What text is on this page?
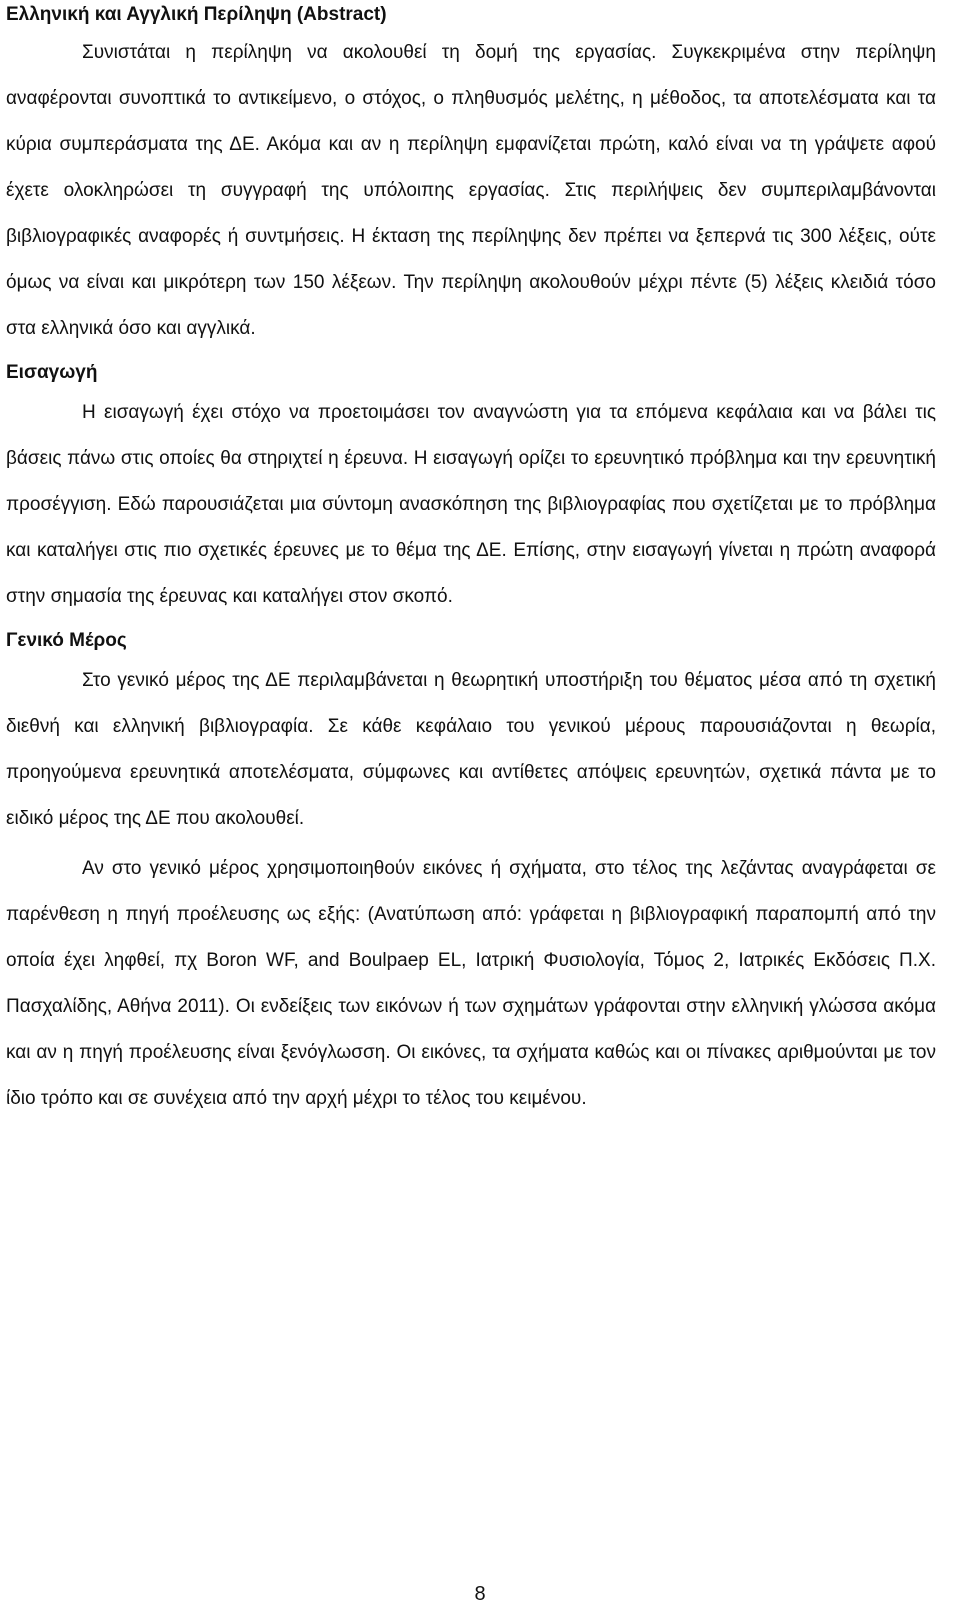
Ελληνική και Αγγλική Περίληψη (Abstract)

Συνιστάται η περίληψη να ακολουθεί τη δομή της εργασίας. Συγκεκριμένα στην περίληψη αναφέρονται συνοπτικά το αντικείμενο, ο στόχος, ο πληθυσμός μελέτης, η μέθοδος, τα αποτελέσματα και τα κύρια συμπεράσματα της ΔΕ. Ακόμα και αν η περίληψη εμφανίζεται πρώτη, καλό είναι να τη γράψετε αφού έχετε ολοκληρώσει τη συγγραφή της υπόλοιπης εργασίας. Στις περιλήψεις δεν συμπεριλαμβάνονται βιβλιογραφικές αναφορές ή συντμήσεις. Η έκταση της περίληψης δεν πρέπει να ξεπερνά τις 300 λέξεις, ούτε όμως να είναι και μικρότερη των 150 λέξεων. Την περίληψη ακολουθούν μέχρι πέντε (5) λέξεις κλειδιά τόσο στα ελληνικά όσο και αγγλικά.

Εισαγωγή

Η εισαγωγή έχει στόχο να προετοιμάσει τον αναγνώστη για τα επόμενα κεφάλαια και να βάλει τις βάσεις πάνω στις οποίες θα στηριχτεί η έρευνα. Η εισαγωγή ορίζει το ερευνητικό πρόβλημα και την ερευνητική προσέγγιση. Εδώ παρουσιάζεται μια σύντομη ανασκόπηση της βιβλιογραφίας που σχετίζεται με το πρόβλημα και καταλήγει στις πιο σχετικές έρευνες με το θέμα της ΔΕ. Επίσης, στην εισαγωγή γίνεται η πρώτη αναφορά στην σημασία της έρευνας και καταλήγει στον σκοπό.

Γενικό Μέρος

Στο γενικό μέρος της ΔΕ περιλαμβάνεται η θεωρητική υποστήριξη του θέματος μέσα από τη σχετική διεθνή και ελληνική βιβλιογραφία. Σε κάθε κεφάλαιο του γενικού μέρους παρουσιάζονται η θεωρία, προηγούμενα ερευνητικά αποτελέσματα, σύμφωνες και αντίθετες απόψεις ερευνητών, σχετικά πάντα με το ειδικό μέρος της ΔΕ που ακολουθεί.

Αν στο γενικό μέρος χρησιμοποιηθούν εικόνες ή σχήματα, στο τέλος της λεζάντας αναγράφεται σε παρένθεση η πηγή προέλευσης ως εξής: (Ανατύπωση από: γράφεται η βιβλιογραφική παραπομπή από την οποία έχει ληφθεί, πχ Boron WF, and Boulpaep EL, Ιατρική Φυσιολογία, Τόμος 2, Ιατρικές Εκδόσεις Π.Χ. Πασχαλίδης, Αθήνα 2011). Οι ενδείξεις των εικόνων ή των σχημάτων γράφονται στην ελληνική γλώσσα ακόμα και αν η πηγή προέλευσης είναι ξενόγλωσση. Οι εικόνες, τα σχήματα καθώς και οι πίνακες αριθμούνται με τον ίδιο τρόπο και σε συνέχεια από την αρχή μέχρι το τέλος του κειμένου.

8
